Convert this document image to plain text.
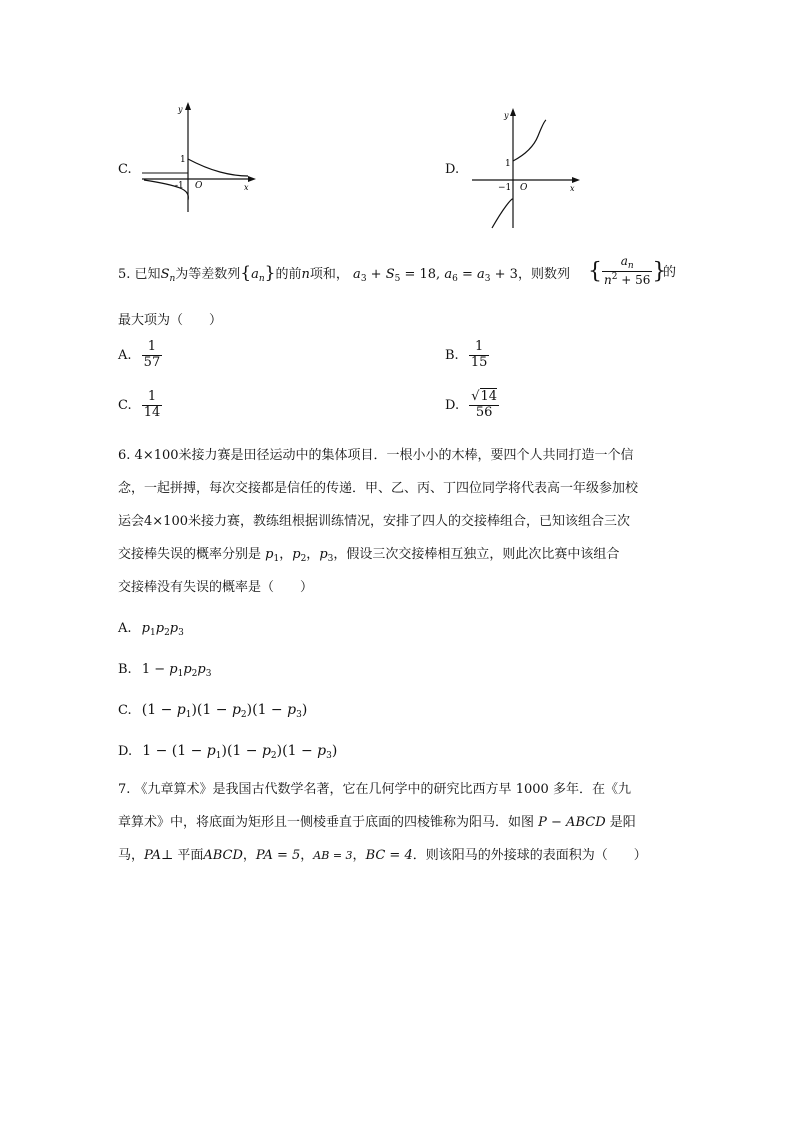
C.
y
x
O
1
-1
D.
y
x
O
1
−1
5. 已知$S_n$为等差数列$\{a_n\}$的前n项和， $a_3 + S_5 = 18$, $a_6 = a_3 + 3$，则数列 { $\frac{a_n}{n^2 + 56}$ }
的
最大项为（　　）
A. $\frac{1}{57}$	B. $\frac{1}{15}$
C. $\frac{1}{14}$	D. $\frac{√14}{56}$
6. 4×100米接力赛是田径运动中的集体项目．一根小小的木棒，要四个人共同打造一个信
念，一起拼搏，每次交接都是信任的传递．甲、乙、丙、丁四位同学将代表高一年级参加校
运会4×100米接力赛，教练组根据训练情况，安排了四人的交接棒组合，已知该组合三次
交接棒失误的概率分别是 $p_1$，$p_2$，$p_3$，假设三次交接棒相互独立，则此次比赛中该组合
交接棒没有失误的概率是（　　）
A. $p_1p_2p_3$
B. $1 - p_1p_2p_3$
C. $(1 - p_1)(1 - p_2)(1 - p_3)$
D. $1 - (1 - p_1)(1 - p_2)(1 - p_3)$
7. 《九章算术》是我国古代数学名著，它在几何学中的研究比西方早 1000 多年．在《九
章算术》中，将底面为矩形且一侧棱垂直于底面的四棱锥称为阳马．如图 P − ABCD 是阳
马，PA⊥ 平面ABCD，PA = 5，AB = 3，BC = 4．则该阳马的外接球的表面积为（　　）
